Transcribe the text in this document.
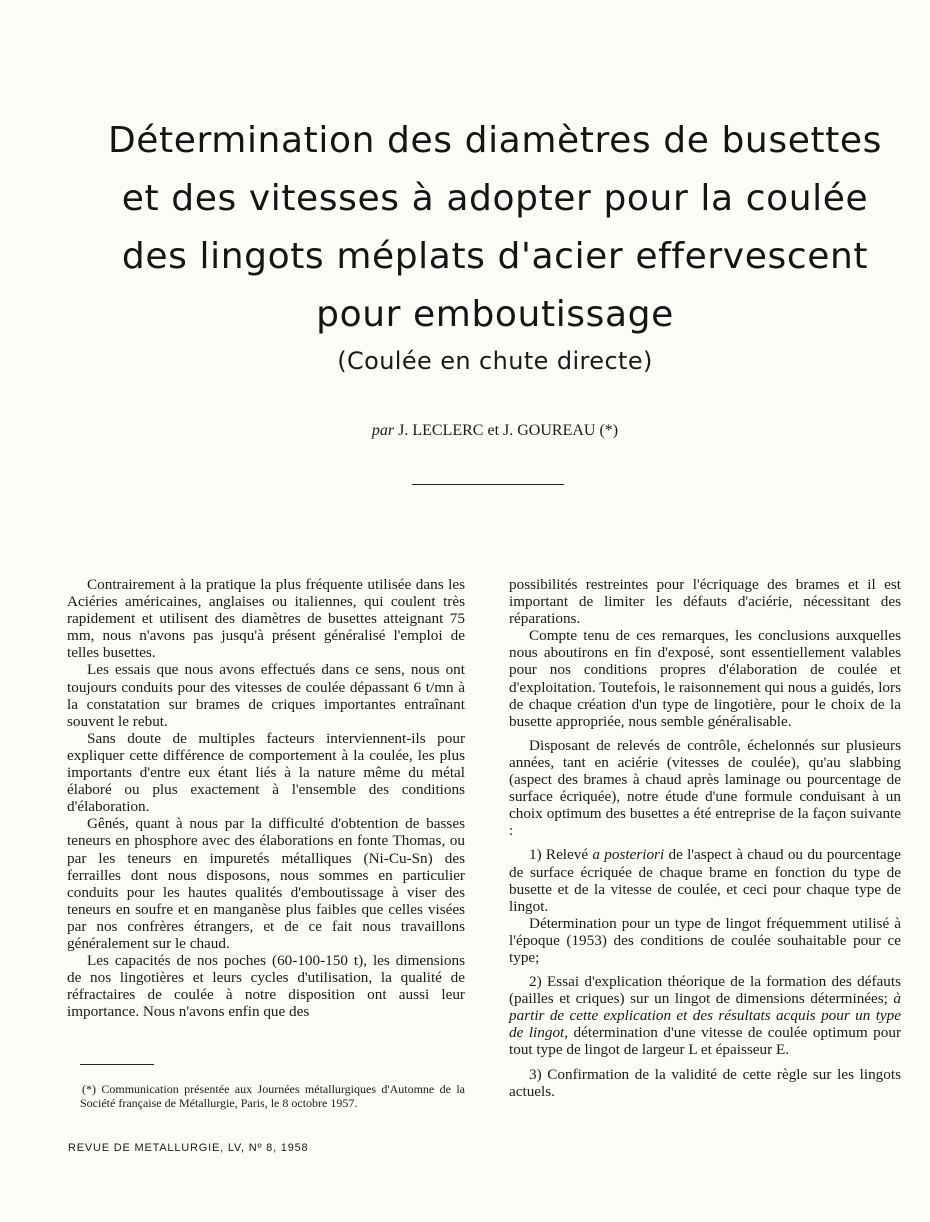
Détermination des diamètres de busettes
et des vitesses à adopter pour la coulée
des lingots méplats d'acier effervescent
pour emboutissage
(Coulée en chute directe)
par J. LECLERC et J. GOUREAU (*)

Contrairement à la pratique la plus fréquente utilisée dans les Aciéries américaines, anglaises ou italiennes, qui coulent très rapidement et utilisent des diamètres de busettes atteignant 75 mm, nous n'avons pas jusqu'à présent généralisé l'emploi de telles busettes.

Les essais que nous avons effectués dans ce sens, nous ont toujours conduits pour des vitesses de coulée dépassant 6 t/mn à la constatation sur brames de criques importantes entraînant souvent le rebut.

Sans doute de multiples facteurs interviennent-ils pour expliquer cette différence de comportement à la coulée, les plus importants d'entre eux étant liés à la nature même du métal élaboré ou plus exactement à l'ensemble des conditions d'élaboration.

Gênés, quant à nous par la difficulté d'obtention de basses teneurs en phosphore avec des élaborations en fonte Thomas, ou par les teneurs en impuretés métalliques (Ni-Cu-Sn) des ferrailles dont nous disposons, nous sommes en particulier conduits pour les hautes qualités d'emboutissage à viser des teneurs en soufre et en manganèse plus faibles que celles visées par nos confrères étrangers, et de ce fait nous travaillons généralement sur le chaud.

Les capacités de nos poches (60-100-150 t), les dimensions de nos lingotières et leurs cycles d'utilisation, la qualité de réfractaires de coulée à notre disposition ont aussi leur importance. Nous n'avons enfin que des

possibilités restreintes pour l'écriquage des brames et il est important de limiter les défauts d'aciérie, nécessitant des réparations.

Compte tenu de ces remarques, les conclusions auxquelles nous aboutirons en fin d'exposé, sont essentiellement valables pour nos conditions propres d'élaboration de coulée et d'exploitation. Toutefois, le raisonnement qui nous a guidés, lors de chaque création d'un type de lingotière, pour le choix de la busette appropriée, nous semble généralisable.

Disposant de relevés de contrôle, échelonnés sur plusieurs années, tant en aciérie (vitesses de coulée), qu'au slabbing (aspect des brames à chaud après laminage ou pourcentage de surface écriquée), notre étude d'une formule conduisant à un choix optimum des busettes a été entreprise de la façon suivante :

1) Relevé a posteriori de l'aspect à chaud ou du pourcentage de surface écriquée de chaque brame en fonction du type de busette et de la vitesse de coulée, et ceci pour chaque type de lingot.

Détermination pour un type de lingot fréquemment utilisé à l'époque (1953) des conditions de coulée souhaitable pour ce type;

2) Essai d'explication théorique de la formation des défauts (pailles et criques) sur un lingot de dimensions déterminées; à partir de cette explication et des résultats acquis pour un type de lingot, détermination d'une vitesse de coulée optimum pour tout type de lingot de largeur L et épaisseur E.

3) Confirmation de la validité de cette règle sur les lingots actuels.

(*) Communication présentée aux Journées métallurgiques d'Automne de la Société française de Métallurgie, Paris, le 8 octobre 1957.
REVUE DE METALLURGIE, LV, Nº 8, 1958
